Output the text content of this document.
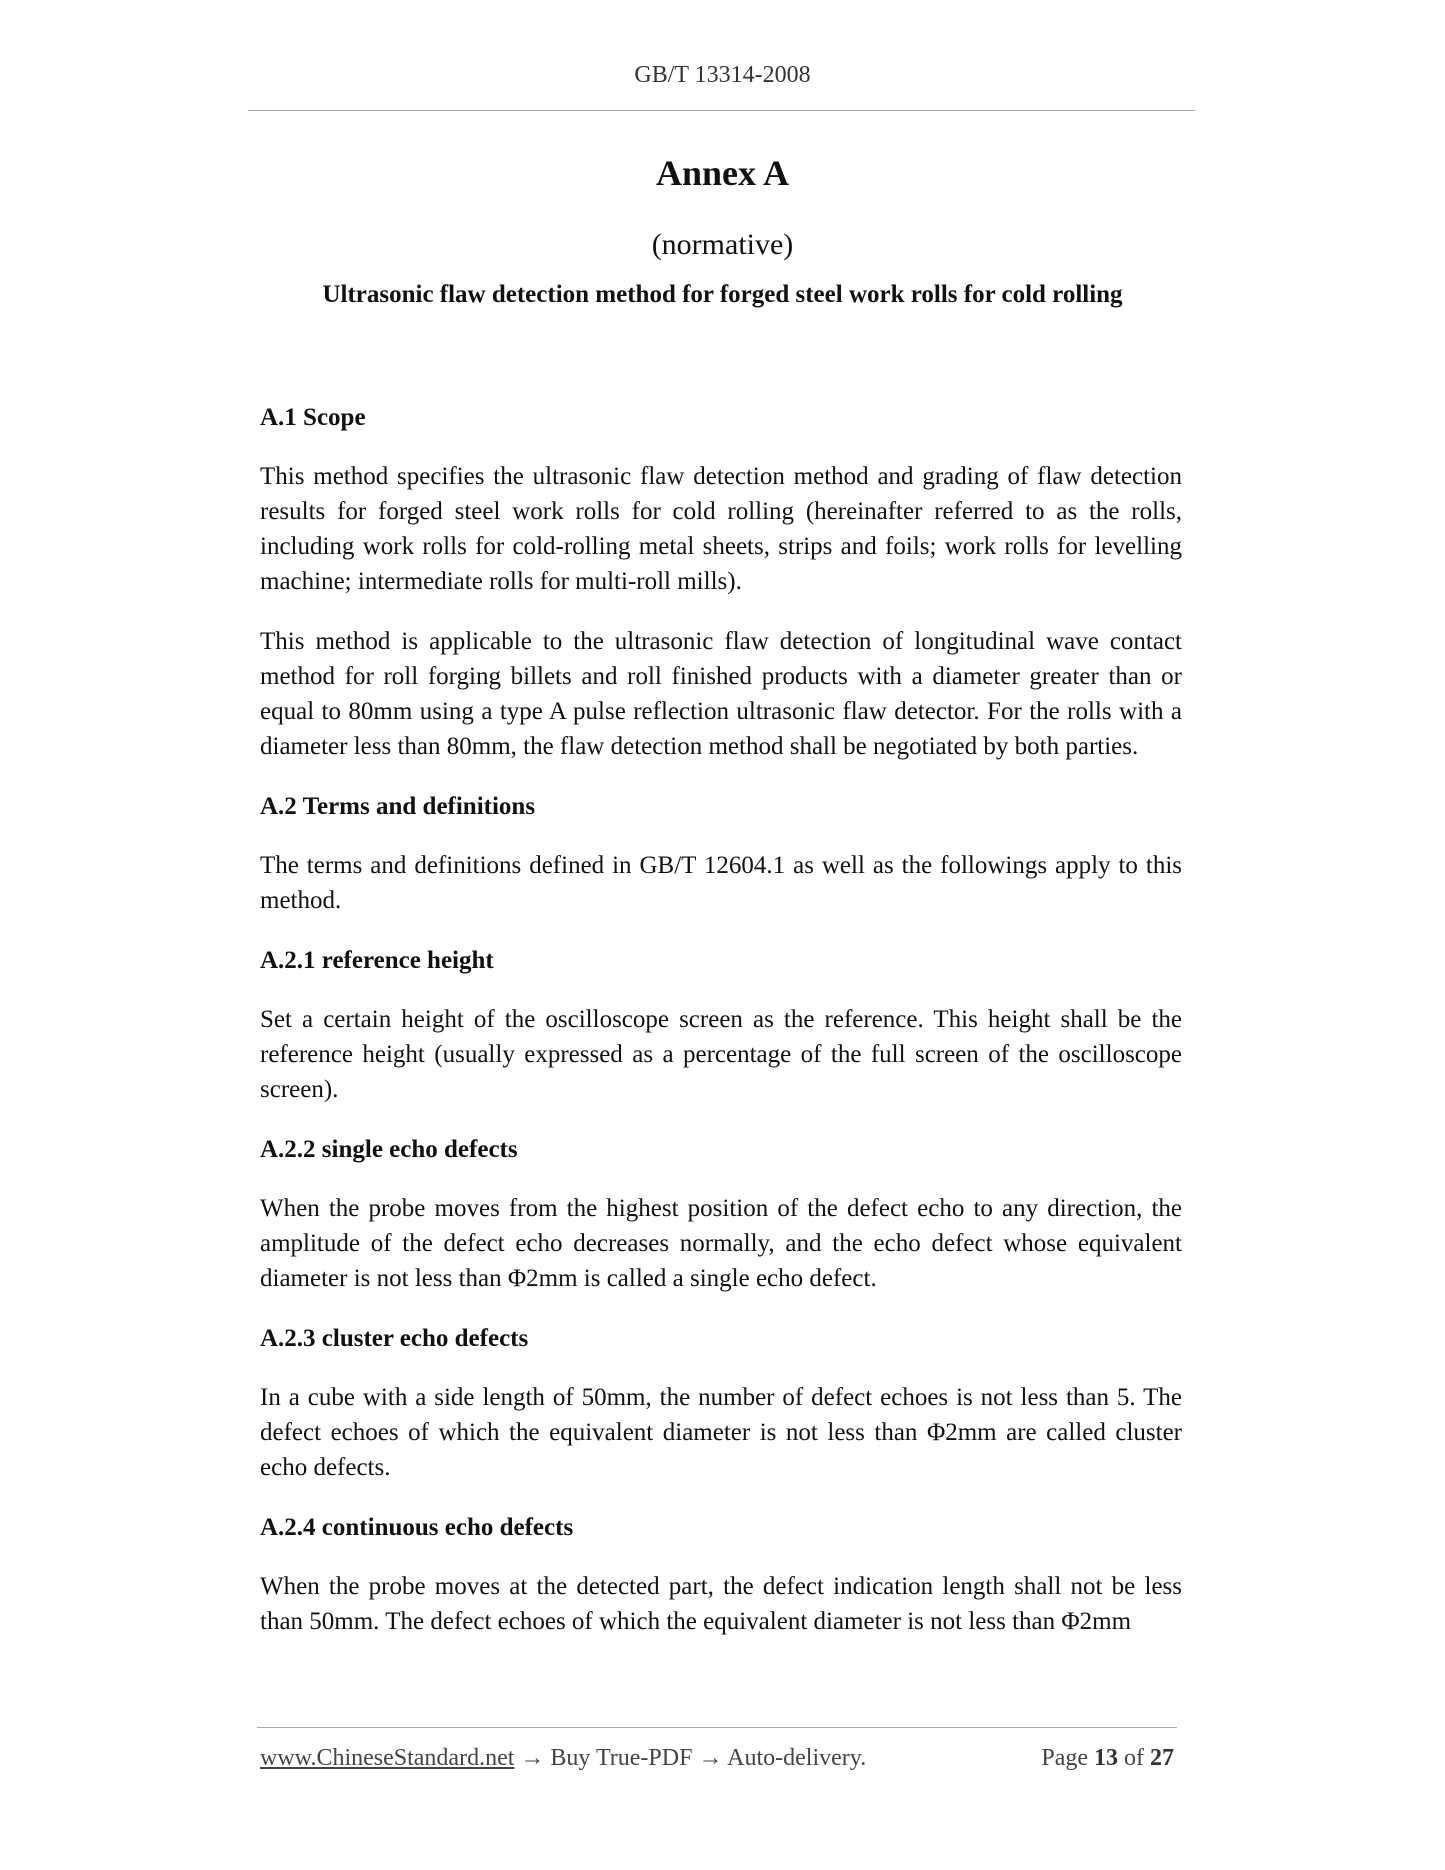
GB/T 13314-2008
Annex A
(normative)
Ultrasonic flaw detection method for forged steel work rolls for cold rolling
A.1 Scope
This method specifies the ultrasonic flaw detection method and grading of flaw detection results for forged steel work rolls for cold rolling (hereinafter referred to as the rolls, including work rolls for cold-rolling metal sheets, strips and foils; work rolls for levelling machine; intermediate rolls for multi-roll mills).
This method is applicable to the ultrasonic flaw detection of longitudinal wave contact method for roll forging billets and roll finished products with a diameter greater than or equal to 80mm using a type A pulse reflection ultrasonic flaw detector. For the rolls with a diameter less than 80mm, the flaw detection method shall be negotiated by both parties.
A.2 Terms and definitions
The terms and definitions defined in GB/T 12604.1 as well as the followings apply to this method.
A.2.1 reference height
Set a certain height of the oscilloscope screen as the reference. This height shall be the reference height (usually expressed as a percentage of the full screen of the oscilloscope screen).
A.2.2 single echo defects
When the probe moves from the highest position of the defect echo to any direction, the amplitude of the defect echo decreases normally, and the echo defect whose equivalent diameter is not less than Φ2mm is called a single echo defect.
A.2.3 cluster echo defects
In a cube with a side length of 50mm, the number of defect echoes is not less than 5. The defect echoes of which the equivalent diameter is not less than Φ2mm are called cluster echo defects.
A.2.4 continuous echo defects
When the probe moves at the detected part, the defect indication length shall not be less than 50mm. The defect echoes of which the equivalent diameter is not less than Φ2mm
www.ChineseStandard.net → Buy True-PDF → Auto-delivery.	Page 13 of 27
